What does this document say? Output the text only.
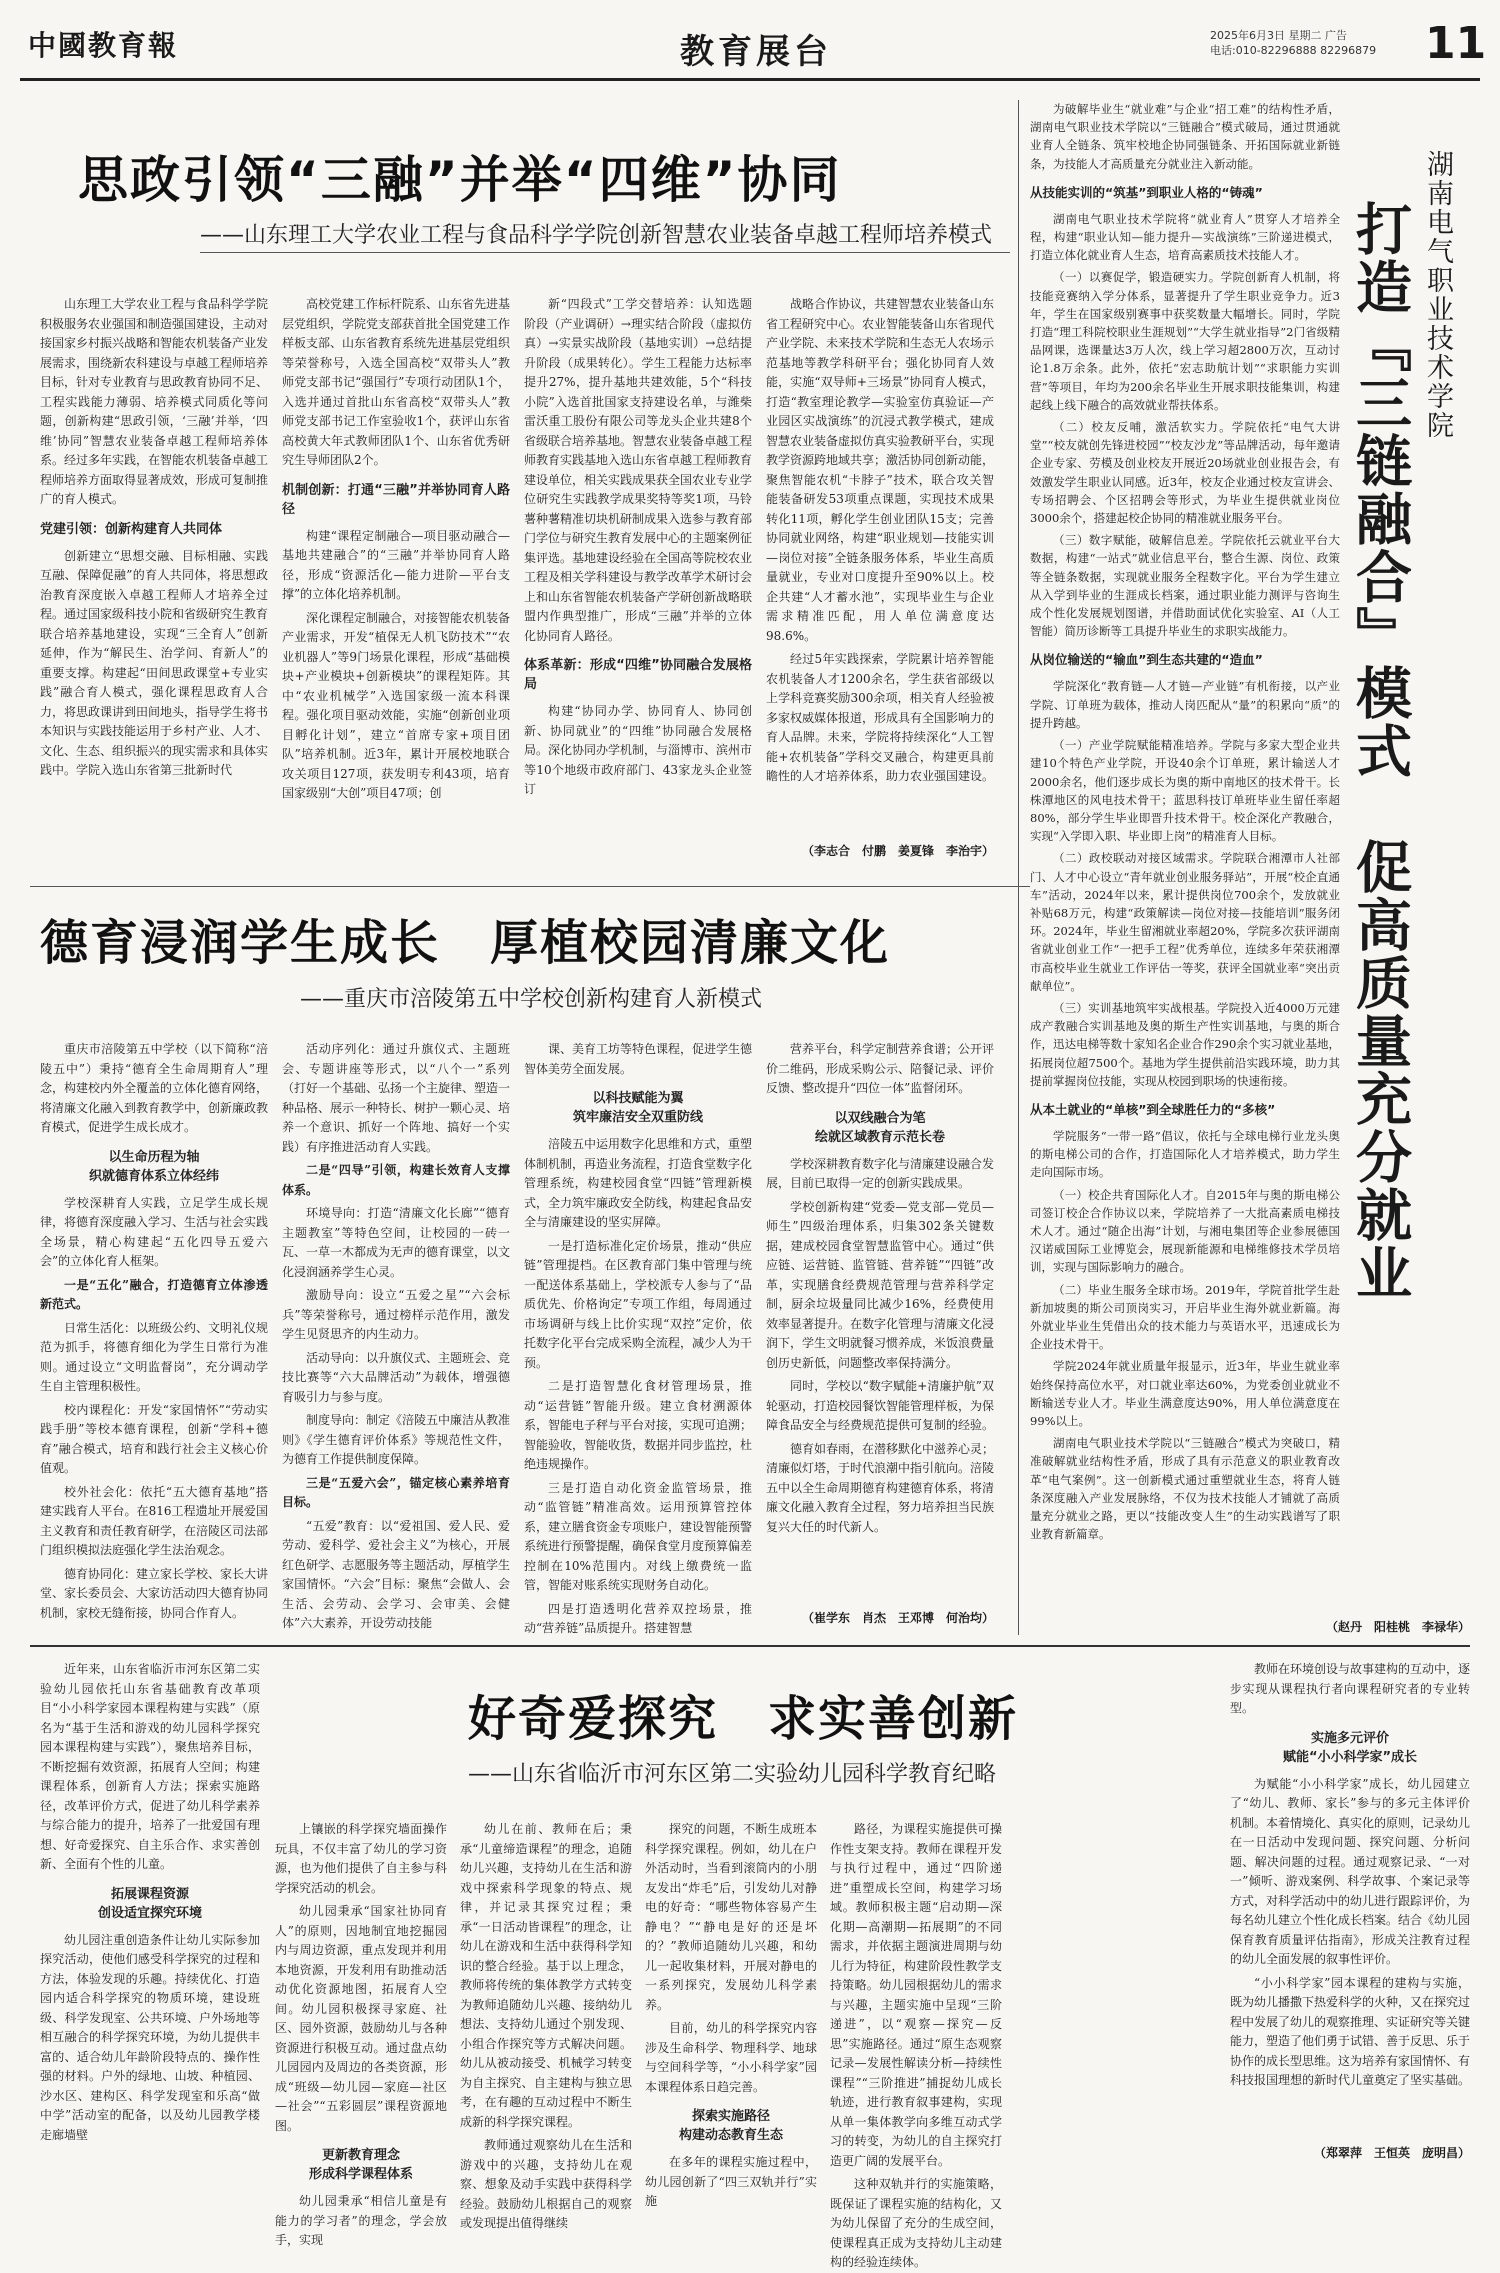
中國教育報	教育展台	2025年6月3日 星期二 广告
电话:010-82296888 82296879 11
思政引领“三融”并举“四维”协同
——山东理工大学农业工程与食品科学学院创新智慧农业装备卓越工程师培养模式
德育浸润学生成长　厚植校园清廉文化
——重庆市涪陵第五中学校创新构建育人新模式
湖南电气职业技术学院
打造『三链融合』模式　促高质量充分就业
好奇爱探究　求实善创新
——山东省临沂市河东区第二实验幼儿园科学教育纪略

山东理工大学农业工程与食品科学学院积极服务农业强国和制造强国建设，主动对接国家乡村振兴战略和智能农机装备产业发展需求，围绕新农科建设与卓越工程师培养目标，针对专业教育与思政教育协同不足、工程实践能力薄弱、培养模式同质化等问题，创新构建“思政引领，‘三融’并举，‘四维’协同”智慧农业装备卓越工程师培养体系。经过多年实践，在智能农机装备卓越工程师培养方面取得显著成效，形成可复制推广的育人模式。

党建引领：创新构建育人共同体

创新建立“思想交融、目标相融、实践互融、保障促融”的育人共同体，将思想政治教育深度嵌入卓越工程师人才培养全过程。通过国家级科技小院和省级研究生教育联合培养基地建设，实现“三全育人”创新延伸，作为“解民生、治学问、育新人”的重要支撑。构建起“田间思政课堂+专业实践”融合育人模式，强化课程思政育人合力，将思政课讲到田间地头，指导学生将书本知识与实践技能运用于乡村产业、人才、文化、生态、组织振兴的现实需求和具体实践中。学院入选山东省第三批新时代

高校党建工作标杆院系、山东省先进基层党组织，学院党支部获首批全国党建工作样板支部、山东省教育系统先进基层党组织等荣誉称号，入选全国高校“双带头人”教师党支部书记“强国行”专项行动团队1个，入选并通过首批山东省高校“双带头人”教师党支部书记工作室验收1个，获评山东省高校黄大年式教师团队1个、山东省优秀研究生导师团队2个。

机制创新：打通“三融”并举协同育人路径

构建“课程定制融合—项目驱动融合—基地共建融合”的“三融”并举协同育人路径，形成“资源活化—能力进阶—平台支撑”的立体化培养机制。

深化课程定制融合，对接智能农机装备产业需求，开发“植保无人机飞防技术”“农业机器人”等9门场景化课程，形成“基础模块+产业模块+创新模块”的课程矩阵。其中“农业机械学”入选国家级一流本科课程。强化项目驱动效能，实施“创新创业项目孵化计划”，建立“首席专家+项目团队”培养机制。近3年，累计开展校地联合攻关项目127项，获发明专利43项，培育国家级别“大创”项目47项；创

新“四段式”工学交替培养：认知选题阶段（产业调研）→理实结合阶段（虚拟仿真）→实景实战阶段（基地实训）→总结提升阶段（成果转化）。学生工程能力达标率提升27%，提升基地共建效能，5个“科技小院”入选首批国家支持建设名单，与潍柴雷沃重工股份有限公司等龙头企业共建8个省级联合培养基地。智慧农业装备卓越工程师教育实践基地入选山东省卓越工程师教育建设单位，相关实践成果获全国农业专业学位研究生实践教学成果奖特等奖1项，马铃薯种薯精准切块机研制成果入选参与教育部门学位与研究生教育发展中心的主题案例征集评选。基地建设经验在全国高等院校农业工程及相关学科建设与教学改革学术研讨会上和山东省智能农机装备产学研创新战略联盟内作典型推广，形成“三融”并举的立体化协同育人路径。

体系革新：形成“四维”协同融合发展格局

构建“协同办学、协同育人、协同创新、协同就业”的“四维”协同融合发展格局。深化协同办学机制，与淄博市、滨州市等10个地级市政府部门、43家龙头企业签订

战略合作协议，共建智慧农业装备山东省工程研究中心。农业智能装备山东省现代产业学院、未来技术学院和生态无人农场示范基地等教学科研平台；强化协同育人效能，实施“双导师+三场景”协同育人模式，打造“教室理论教学—实验室仿真验证—产业园区实战演练”的沉浸式教学模式，建成智慧农业装备虚拟仿真实验教研平台，实现教学资源跨地域共享；激活协同创新动能，聚焦智能农机“卡脖子”技术，联合攻关智能装备研发53项重点课题，实现技术成果转化11项，孵化学生创业团队15支；完善协同就业网络，构建“职业规划—技能实训—岗位对接”全链条服务体系，毕业生高质量就业，专业对口度提升至90%以上。校企共建“人才蓄水池”，实现毕业生与企业需求精准匹配，用人单位满意度达98.6%。

经过5年实践探索，学院累计培养智能农机装备人才1200余名，学生获省部级以上学科竞赛奖励300余项，相关育人经验被多家权威媒体报道，形成具有全国影响力的育人品牌。未来，学院将持续深化“人工智能+农机装备”学科交叉融合，构建更具前瞻性的人才培养体系，助力农业强国建设。

（李志合　付鹏　姜夏锋　李治宇）

重庆市涪陵第五中学校（以下简称“涪陵五中”）秉持“德育全生命周期育人”理念，构建校内外全覆盖的立体化德育网络，将清廉文化融入到教育教学中，创新廉政教育模式，促进学生成长成才。

以生命历程为轴
织就德育体系立体经纬

学校深耕育人实践，立足学生成长规律，将德育深度融入学习、生活与社会实践全场景，精心构建起“五化四导五爱六会”的立体化育人框架。

一是“五化”融合，打造德育立体渗透新范式。

日常生活化：以班级公约、文明礼仪规范为抓手，将德育细化为学生日常行为准则。通过设立“文明监督岗”，充分调动学生自主管理积极性。

校内课程化：开发“家国情怀”“劳动实践手册”等校本德育课程，创新“学科+德育”融合模式，培育和践行社会主义核心价值观。

校外社会化：依托“五大德育基地”搭建实践育人平台。在816工程遗址开展爱国主义教育和责任教育研学，在涪陵区司法部门组织模拟法庭强化学生法治观念。

德育协同化：建立家长学校、家长大讲堂、家长委员会、大家访活动四大德育协同机制，家校无缝衔接，协同合作育人。

活动序列化：通过升旗仪式、主题班会、专题讲座等形式，以“八个一”系列（打好一个基础、弘扬一个主旋律、塑造一种品格、展示一种特长、树护一颗心灵、培养一个意识、抓好一个阵地、搞好一个实践）有序推进活动育人实践。

二是“四导”引领，构建长效育人支撑体系。

环境导向：打造“清廉文化长廊”“德育主题教室”等特色空间，让校园的一砖一瓦、一草一木都成为无声的德育课堂，以文化浸润涵养学生心灵。

激励导向：设立“五爱之星”“六会标兵”等荣誉称号，通过榜样示范作用，激发学生见贤思齐的内生动力。

活动导向：以升旗仪式、主题班会、竞技比赛等“六大品牌活动”为载体，增强德育吸引力与参与度。

制度导向：制定《涪陵五中廉洁从教准则》《学生德育评价体系》等规范性文件，为德育工作提供制度保障。

三是“五爱六会”，锚定核心素养培育目标。

“五爱”教育：以“爱祖国、爱人民、爱劳动、爱科学、爱社会主义”为核心，开展红色研学、志愿服务等主题活动，厚植学生家国情怀。“六会”目标：聚焦“会做人、会生活、会劳动、会学习、会审美、会健体”六大素养，开设劳动技能

课、美育工坊等特色课程，促进学生德智体美劳全面发展。

以科技赋能为翼
筑牢廉洁安全双重防线

涪陵五中运用数字化思维和方式，重塑体制机制，再造业务流程，打造食堂数字化管理系统，构建校园食堂“四链”管理新模式，全力筑牢廉政安全防线，构建起食品安全与清廉建设的坚实屏障。

一是打造标准化定价场景，推动“供应链”管理提档。在区教育部门集中管理与统一配送体系基础上，学校派专人参与了“品质优先、价格询定”专项工作组，每周通过市场调研与线上比价实现“双控”定价，依托数字化平台完成采购全流程，减少人为干预。

二是打造智慧化食材管理场景，推动“运营链”智能升级。建立食材溯源体系，智能电子秤与平台对接，实现可追溯；智能验收，智能收货，数据并同步监控，杜绝违规操作。

三是打造自动化资金监管场景，推动“监管链”精准高效。运用预算管控体系，建立膳食资金专项账户，建设智能预警系统进行预警提醒，确保食堂月度预算偏差控制在10%范围内。对线上缴费统一监管，智能对账系统实现财务自动化。

四是打造透明化营养双控场景，推动“营养链”品质提升。搭建智慧

营养平台，科学定制营养食谱；公开评价二维码，形成采购公示、陪餐记录、评价反馈、整改提升“四位一体”监督闭环。

以双线融合为笔
绘就区域教育示范长卷

学校深耕教育数字化与清廉建设融合发展，目前已取得一定的创新实践成果。

学校创新构建“党委—党支部—党员—师生”四级治理体系，归集302条关键数据，建成校园食堂智慧监管中心。通过“供应链、运营链、监管链、营养链”“四链”改革，实现膳食经费规范管理与营养科学定制，厨余垃圾量同比减少16%，经费使用效率显著提升。在数字化管理与清廉文化浸润下，学生文明就餐习惯养成，米饭浪费量创历史新低，问题整改率保持满分。

同时，学校以“数字赋能+清廉护航”双轮驱动，打造校园餐饮智能管理样板，为保障食品安全与经费规范提供可复制的经验。

德育如春雨，在潜移默化中滋养心灵；清廉似灯塔，于时代浪潮中指引航向。涪陵五中以全生命周期德育构建德育体系，将清廉文化融入教育全过程，努力培养担当民族复兴大任的时代新人。

（崔学东　肖杰　王邓博　何治均）

为破解毕业生“就业难”与企业“招工难”的结构性矛盾，湖南电气职业技术学院以“三链融合”模式破局，通过贯通就业育人全链条、筑牢校地企协同强链条、开拓国际就业新链条，为技能人才高质量充分就业注入新动能。

从技能实训的“筑基”到职业人格的“铸魂”

湖南电气职业技术学院将“就业育人”贯穿人才培养全程，构建“职业认知—能力提升—实战演练”三阶递进模式，打造立体化就业育人生态，培育高素质技术技能人才。

（一）以赛促学，锻造硬实力。学院创新育人机制，将技能竞赛纳入学分体系，显著提升了学生职业竞争力。近3年，学生在国家级别赛事中获奖数量大幅增长。同时，学院打造“理工科院校职业生涯规划”“大学生就业指导”2门省级精品网课，选课量达3万人次，线上学习超2800万次，互动讨论1.8万余条。此外，依托“宏志助航计划”“求职能力实训营”等项目，年均为200余名毕业生开展求职技能集训，构建起线上线下融合的高效就业帮扶体系。

（二）校友反哺，激活软实力。学院依托“电气大讲堂”“校友就创先锋进校园”“校友沙龙”等品牌活动，每年邀请企业专家、劳模及创业校友开展近20场就业创业报告会，有效激发学生职业认同感。近3年，校友企业通过校友宣讲会、专场招聘会、个区招聘会等形式，为毕业生提供就业岗位3000余个，搭建起校企协同的精准就业服务平台。

（三）数字赋能，破解信息差。学院依托云就业平台大数据，构建“一站式”就业信息平台，整合生源、岗位、政策等全链条数据，实现就业服务全程数字化。平台为学生建立从入学到毕业的生涯成长档案，通过职业能力测评与咨询生成个性化发展规划图谱，并借助面试优化实验室、AI（人工智能）简历诊断等工具提升毕业生的求职实战能力。

从岗位输送的“输血”到生态共建的“造血”

学院深化“教育链—人才链—产业链”有机衔接，以产业学院、订单班为载体，推动人岗匹配从“量”的积累向“质”的提升跨越。

（一）产业学院赋能精准培养。学院与多家大型企业共建10个特色产业学院，开设40余个订单班，累计输送人才2000余名，他们逐步成长为奥的斯中南地区的技术骨干。长株潭地区的风电技术骨干；蓝思科技订单班毕业生留任率超80%，部分学生毕业即晋升技术骨干。校企深化产教融合，实现“入学即入职、毕业即上岗”的精准育人目标。

（二）政校联动对接区域需求。学院联合湘潭市人社部门、人才中心设立“青年就业创业服务驿站”，开展“校企直通车”活动，2024年以来，累计提供岗位700余个，发放就业补贴68万元，构建“政策解读—岗位对接—技能培训”服务闭环。2024年，毕业生留湘就业率超20%，学院多次获评湖南省就业创业工作“一把手工程”优秀单位，连续多年荣获湘潭市高校毕业生就业工作评估一等奖，获评全国就业率“突出贡献单位”。

（三）实训基地筑牢实战根基。学院投入近4000万元建成产教融合实训基地及奥的斯生产性实训基地，与奥的斯合作，迅达电梯等数十家知名企业合作290余个实习就业基地，拓展岗位超7500个。基地为学生提供前沿实践环境，助力其提前掌握岗位技能，实现从校园到职场的快速衔接。

从本土就业的“单核”到全球胜任力的“多核”

学院服务“一带一路”倡议，依托与全球电梯行业龙头奥的斯电梯公司的合作，打造国际化人才培养模式，助力学生走向国际市场。

（一）校企共育国际化人才。自2015年与奥的斯电梯公司签订校企合作协议以来，学院培养了一大批高素质电梯技术人才。通过“随企出海”计划，与湘电集团等企业参展德国汉诺威国际工业博览会，展现新能源和电梯维修技术学员培训，实现与国际影响力的融合。

（二）毕业生服务全球市场。2019年，学院首批学生赴新加坡奥的斯公司顶岗实习，开启毕业生海外就业新篇。海外就业毕业生凭借出众的技术能力与英语水平，迅速成长为企业技术骨干。

学院2024年就业质量年报显示，近3年，毕业生就业率始终保持高位水平，对口就业率达60%，为党委创业就业不断输送专业人才。毕业生满意度达90%，用人单位满意度在99%以上。

湖南电气职业技术学院以“三链融合”模式为突破口，精准破解就业结构性矛盾，形成了具有示范意义的职业教育改革“电气案例”。这一创新模式通过重塑就业生态，将育人链条深度融入产业发展脉络，不仅为技术技能人才铺就了高质量充分就业之路，更以“技能改变人生”的生动实践谱写了职业教育新篇章。

（赵丹　阳桂桃　李禄华）

近年来，山东省临沂市河东区第二实验幼儿园依托山东省基础教育改革项目“小小科学家园本课程构建与实践”（原名为“基于生活和游戏的幼儿园科学探究园本课程构建与实践”），聚焦培养目标，不断挖掘有效资源，拓展育人空间；构建课程体系，创新育人方法；探索实施路径，改革评价方式，促进了幼儿科学素养与综合能力的提升，培养了一批爱国有理想、好奇爱探究、自主乐合作、求实善创新、全面有个性的儿童。

拓展课程资源
创设适宜探究环境

幼儿园注重创造条件让幼儿实际参加探究活动，使他们感受科学探究的过程和方法，体验发现的乐趣。持续优化、打造园内适合科学探究的物质环境，建设班级、科学发现室、公共环境、户外场地等相互融合的科学探究环境，为幼儿提供丰富的、适合幼儿年龄阶段特点的、操作性强的材料。户外的绿地、山坡、种植园、沙水区、建构区、科学发现室和乐高“做中学”活动室的配备，以及幼儿园教学楼走廊墙壁

上镶嵌的科学探究墙面操作玩具，不仅丰富了幼儿的学习资源，也为他们提供了自主参与科学探究活动的机会。

幼儿园秉承“国家社协同育人”的原则，因地制宜地挖掘园内与周边资源，重点发现并利用本地资源，开发利用有助推动活动优化资源地图，拓展育人空间。幼儿园积极探寻家庭、社区、园外资源，鼓励幼儿与各种资源进行积极互动。通过盘点幼儿园园内及周边的各类资源，形成“班级—幼儿园—家庭—社区—社会”“五彩圆层”课程资源地图。

更新教育理念
形成科学课程体系

幼儿园秉承“相信儿童是有能力的学习者”的理念，学会放手，实现

幼儿在前、教师在后；秉承“儿童缔造课程”的理念，追随幼儿兴趣，支持幼儿在生活和游戏中探索科学现象的特点、规律，并记录其探究过程；秉承“一日活动皆课程”的理念，让幼儿在游戏和生活中获得科学知识的整合经验。基于以上理念，教师将传统的集体教学方式转变为教师追随幼儿兴趣、接纳幼儿想法、支持幼儿通过个别发现、小组合作探究等方式解决问题。幼儿从被动接受、机械学习转变为自主探究、自主建构与独立思考，在有趣的互动过程中不断生成新的科学探究课程。

教师通过观察幼儿在生活和游戏中的兴趣，支持幼儿在观察、想象及动手实践中获得科学经验。鼓励幼儿根据自己的观察或发现提出值得继续

探究的问题，不断生成班本科学探究课程。例如，幼儿在户外活动时，当看到滚筒内的小朋友发出“炸毛”后，引发幼儿对静电的好奇：“哪些物体容易产生静电？”“静电是好的还是坏的？”教师追随幼儿兴趣，和幼儿一起收集材料，开展对静电的一系列探究，发展幼儿科学素养。

目前，幼儿的科学探究内容涉及生命科学、物理科学、地球与空间科学等，“小小科学家”园本课程体系日趋完善。

探索实施路径
构建动态教育生态

在多年的课程实施过程中，幼儿园创新了“四三双轨并行”实施

路径，为课程实施提供可操作性支架支持。教师在课程开发与执行过程中，通过“四阶递进”重塑成长空间，构建学习场域。教师积极主题“启动期—深化期—高潮期—拓展期”的不同需求，并依据主题演进周期与幼儿行为特征，构建阶段性教学支持策略。幼儿园根据幼儿的需求与兴趣，主题实施中呈现“三阶递进”，以“观察—探究—反思”实施路径。通过“原生态观察记录—发展性解读分析—持续性课程”“三阶推进”捕捉幼儿成长轨迹，进行教育叙事建构，实现从单一集体教学向多维互动式学习的转变，为幼儿的自主探究打造更广阔的发展平台。

这种双轨并行的实施策略，既保证了课程实施的结构化，又为幼儿保留了充分的生成空间，使课程真正成为支持幼儿主动建构的经验连续体。

教师在环境创设与故事建构的互动中，逐步实现从课程执行者向课程研究者的专业转型。

实施多元评价
赋能“小小科学家”成长

为赋能“小小科学家”成长，幼儿园建立了“幼儿、教师、家长”参与的多元主体评价机制。本着情境化、真实化的原则，记录幼儿在一日活动中发现问题、探究问题、分析问题、解决问题的过程。通过观察记录、“一对一”倾听、游戏案例、科学故事、个案记录等方式，对科学活动中的幼儿进行跟踪评价，为每名幼儿建立个性化成长档案。结合《幼儿园保育教育质量评估指南》，形成关注教育过程的幼儿全面发展的叙事性评价。

“小小科学家”园本课程的建构与实施，既为幼儿播撒下热爱科学的火种，又在探究过程中发展了幼儿的观察推理、实证研究等关键能力，塑造了他们勇于试错、善于反思、乐于协作的成长型思维。这为培养有家国情怀、有科技报国理想的新时代儿童奠定了坚实基础。

（郑翠萍　王恒英　庞明昌）
